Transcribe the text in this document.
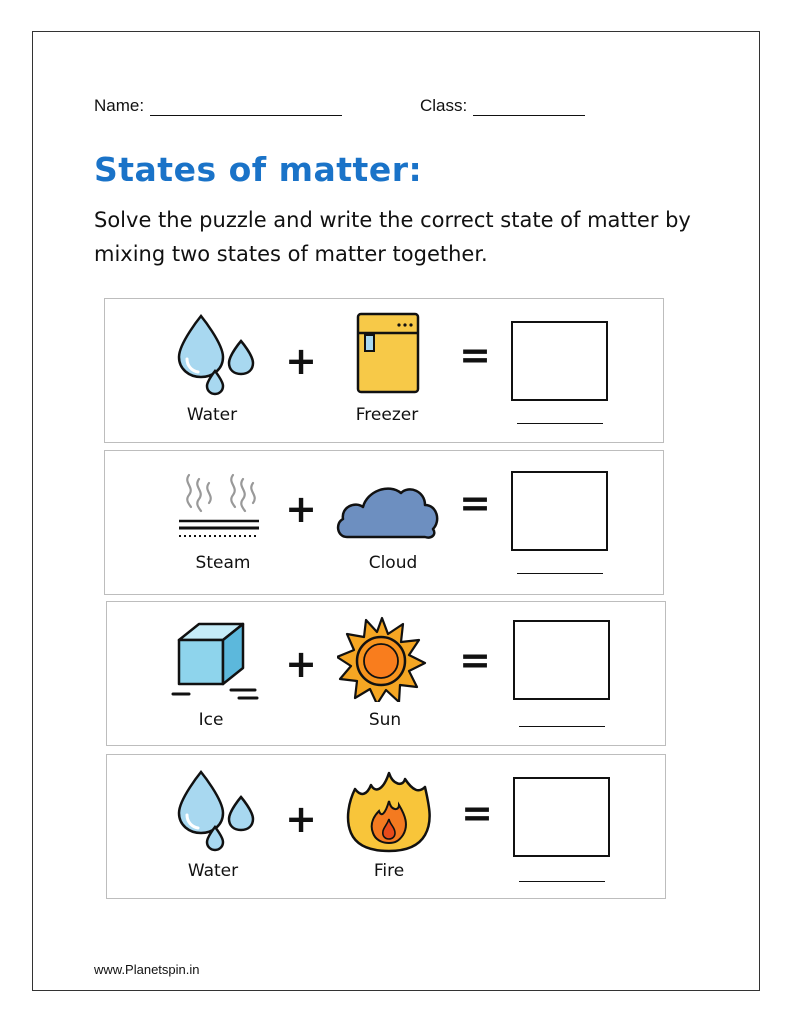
Name:	Class:
States of matter:
Solve the puzzle and write the correct state of matter by mixing two states of matter together.
Water
+
Freezer
=
Steam
+
Cloud
=
Ice
+
Sun
=
Water
+
Fire
=
www.Planetspin.in
